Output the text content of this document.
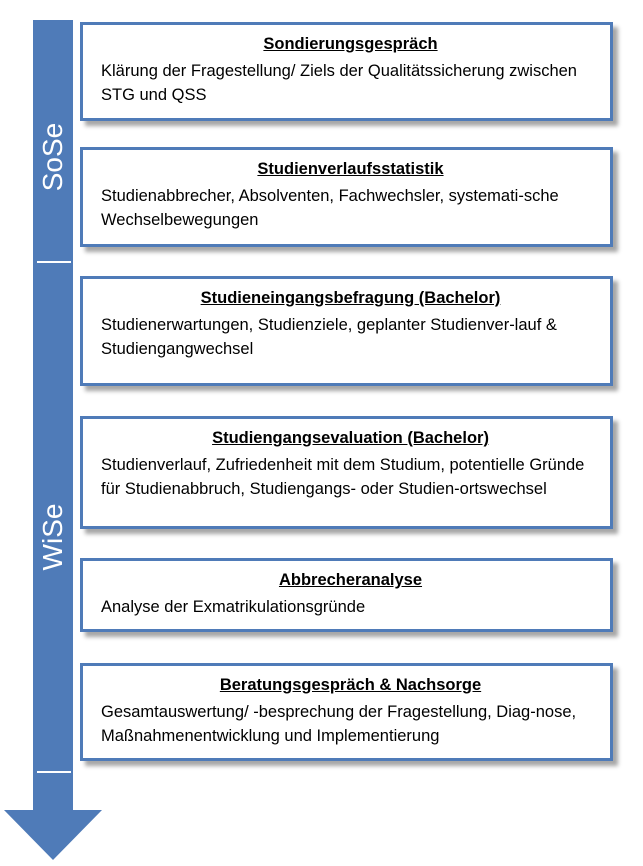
SoSe
WiSe
Sondierungsgespräch
Klärung der Fragestellung/ Ziels der Qualitätssicherung zwischen STG und QSS
Studienverlaufsstatistik
Studienabbrecher, Absolventen, Fachwechsler, systemati-sche Wechselbewegungen
Studieneingangsbefragung (Bachelor)
Studienerwartungen, Studienziele, geplanter Studienver-lauf & Studiengangwechsel
Studiengangsevaluation (Bachelor)
Studienverlauf, Zufriedenheit mit dem Studium, potentielle Gründe für Studienabbruch, Studiengangs- oder Studien-ortswechsel
Abbrecheranalyse
Analyse der Exmatrikulationsgründe
Beratungsgespräch & Nachsorge
Gesamtauswertung/ -besprechung der Fragestellung, Diag-nose, Maßnahmenentwicklung und Implementierung
